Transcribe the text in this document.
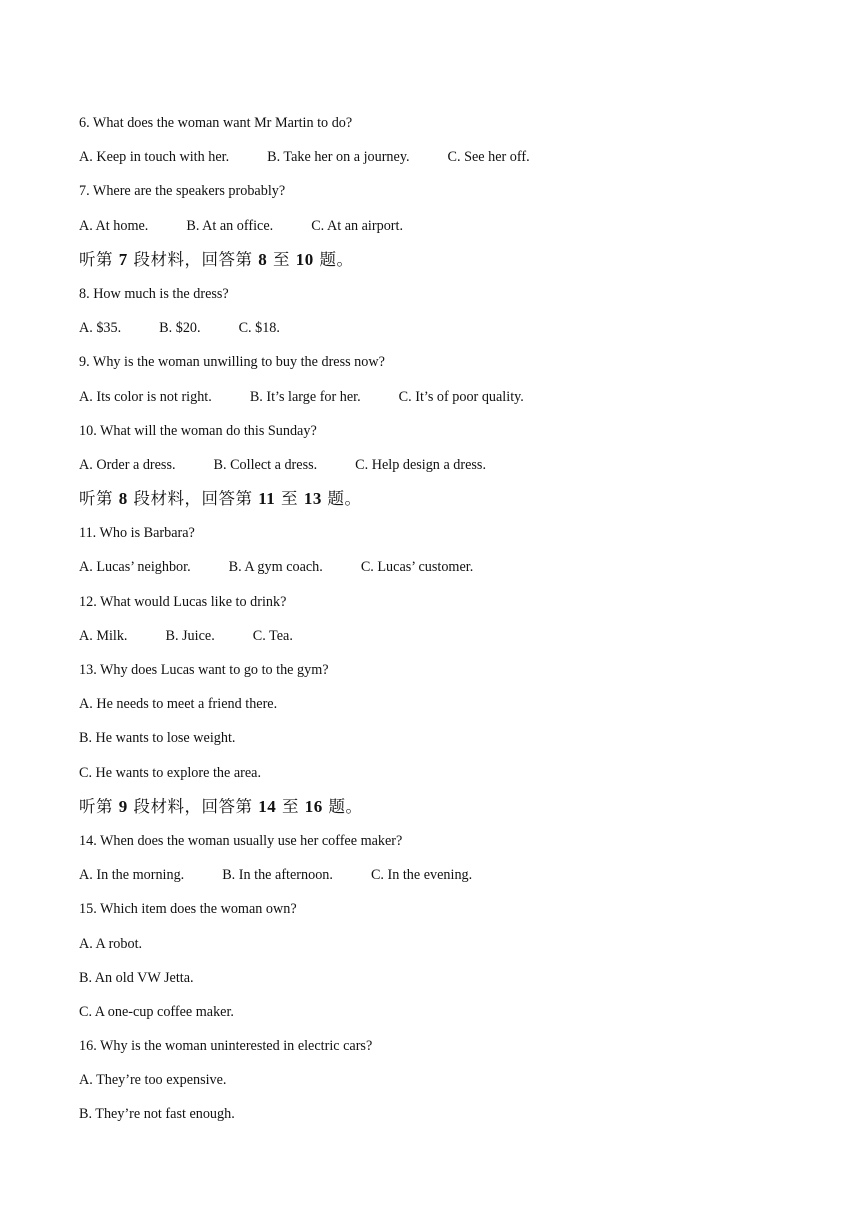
6. What does the woman want Mr Martin to do?
A. Keep in touch with her.	B. Take her on a journey.	C. See her off.
7. Where are the speakers probably?
A. At home.	B. At an office.	C. At an airport.
听第 7 段材料，回答第 8 至 10 题。
8. How much is the dress?
A. $35.	B. $20.	C. $18.
9. Why is the woman unwilling to buy the dress now?
A. Its color is not right.	B. It’s large for her.	C. It’s of poor quality.
10. What will the woman do this Sunday?
A. Order a dress.	B. Collect a dress.	C. Help design a dress.
听第 8 段材料，回答第 11 至 13 题。
11. Who is Barbara?
A. Lucas’ neighbor.	B. A gym coach.	C. Lucas’ customer.
12. What would Lucas like to drink?
A. Milk.	B. Juice.	C. Tea.
13. Why does Lucas want to go to the gym?
A. He needs to meet a friend there.
B. He wants to lose weight.
C. He wants to explore the area.
听第 9 段材料，回答第 14 至 16 题。
14. When does the woman usually use her coffee maker?
A. In the morning.	B. In the afternoon.	C. In the evening.
15. Which item does the woman own?
A. A robot.
B. An old VW Jetta.
C. A one-cup coffee maker.
16. Why is the woman uninterested in electric cars?
A. They’re too expensive.
B. They’re not fast enough.
